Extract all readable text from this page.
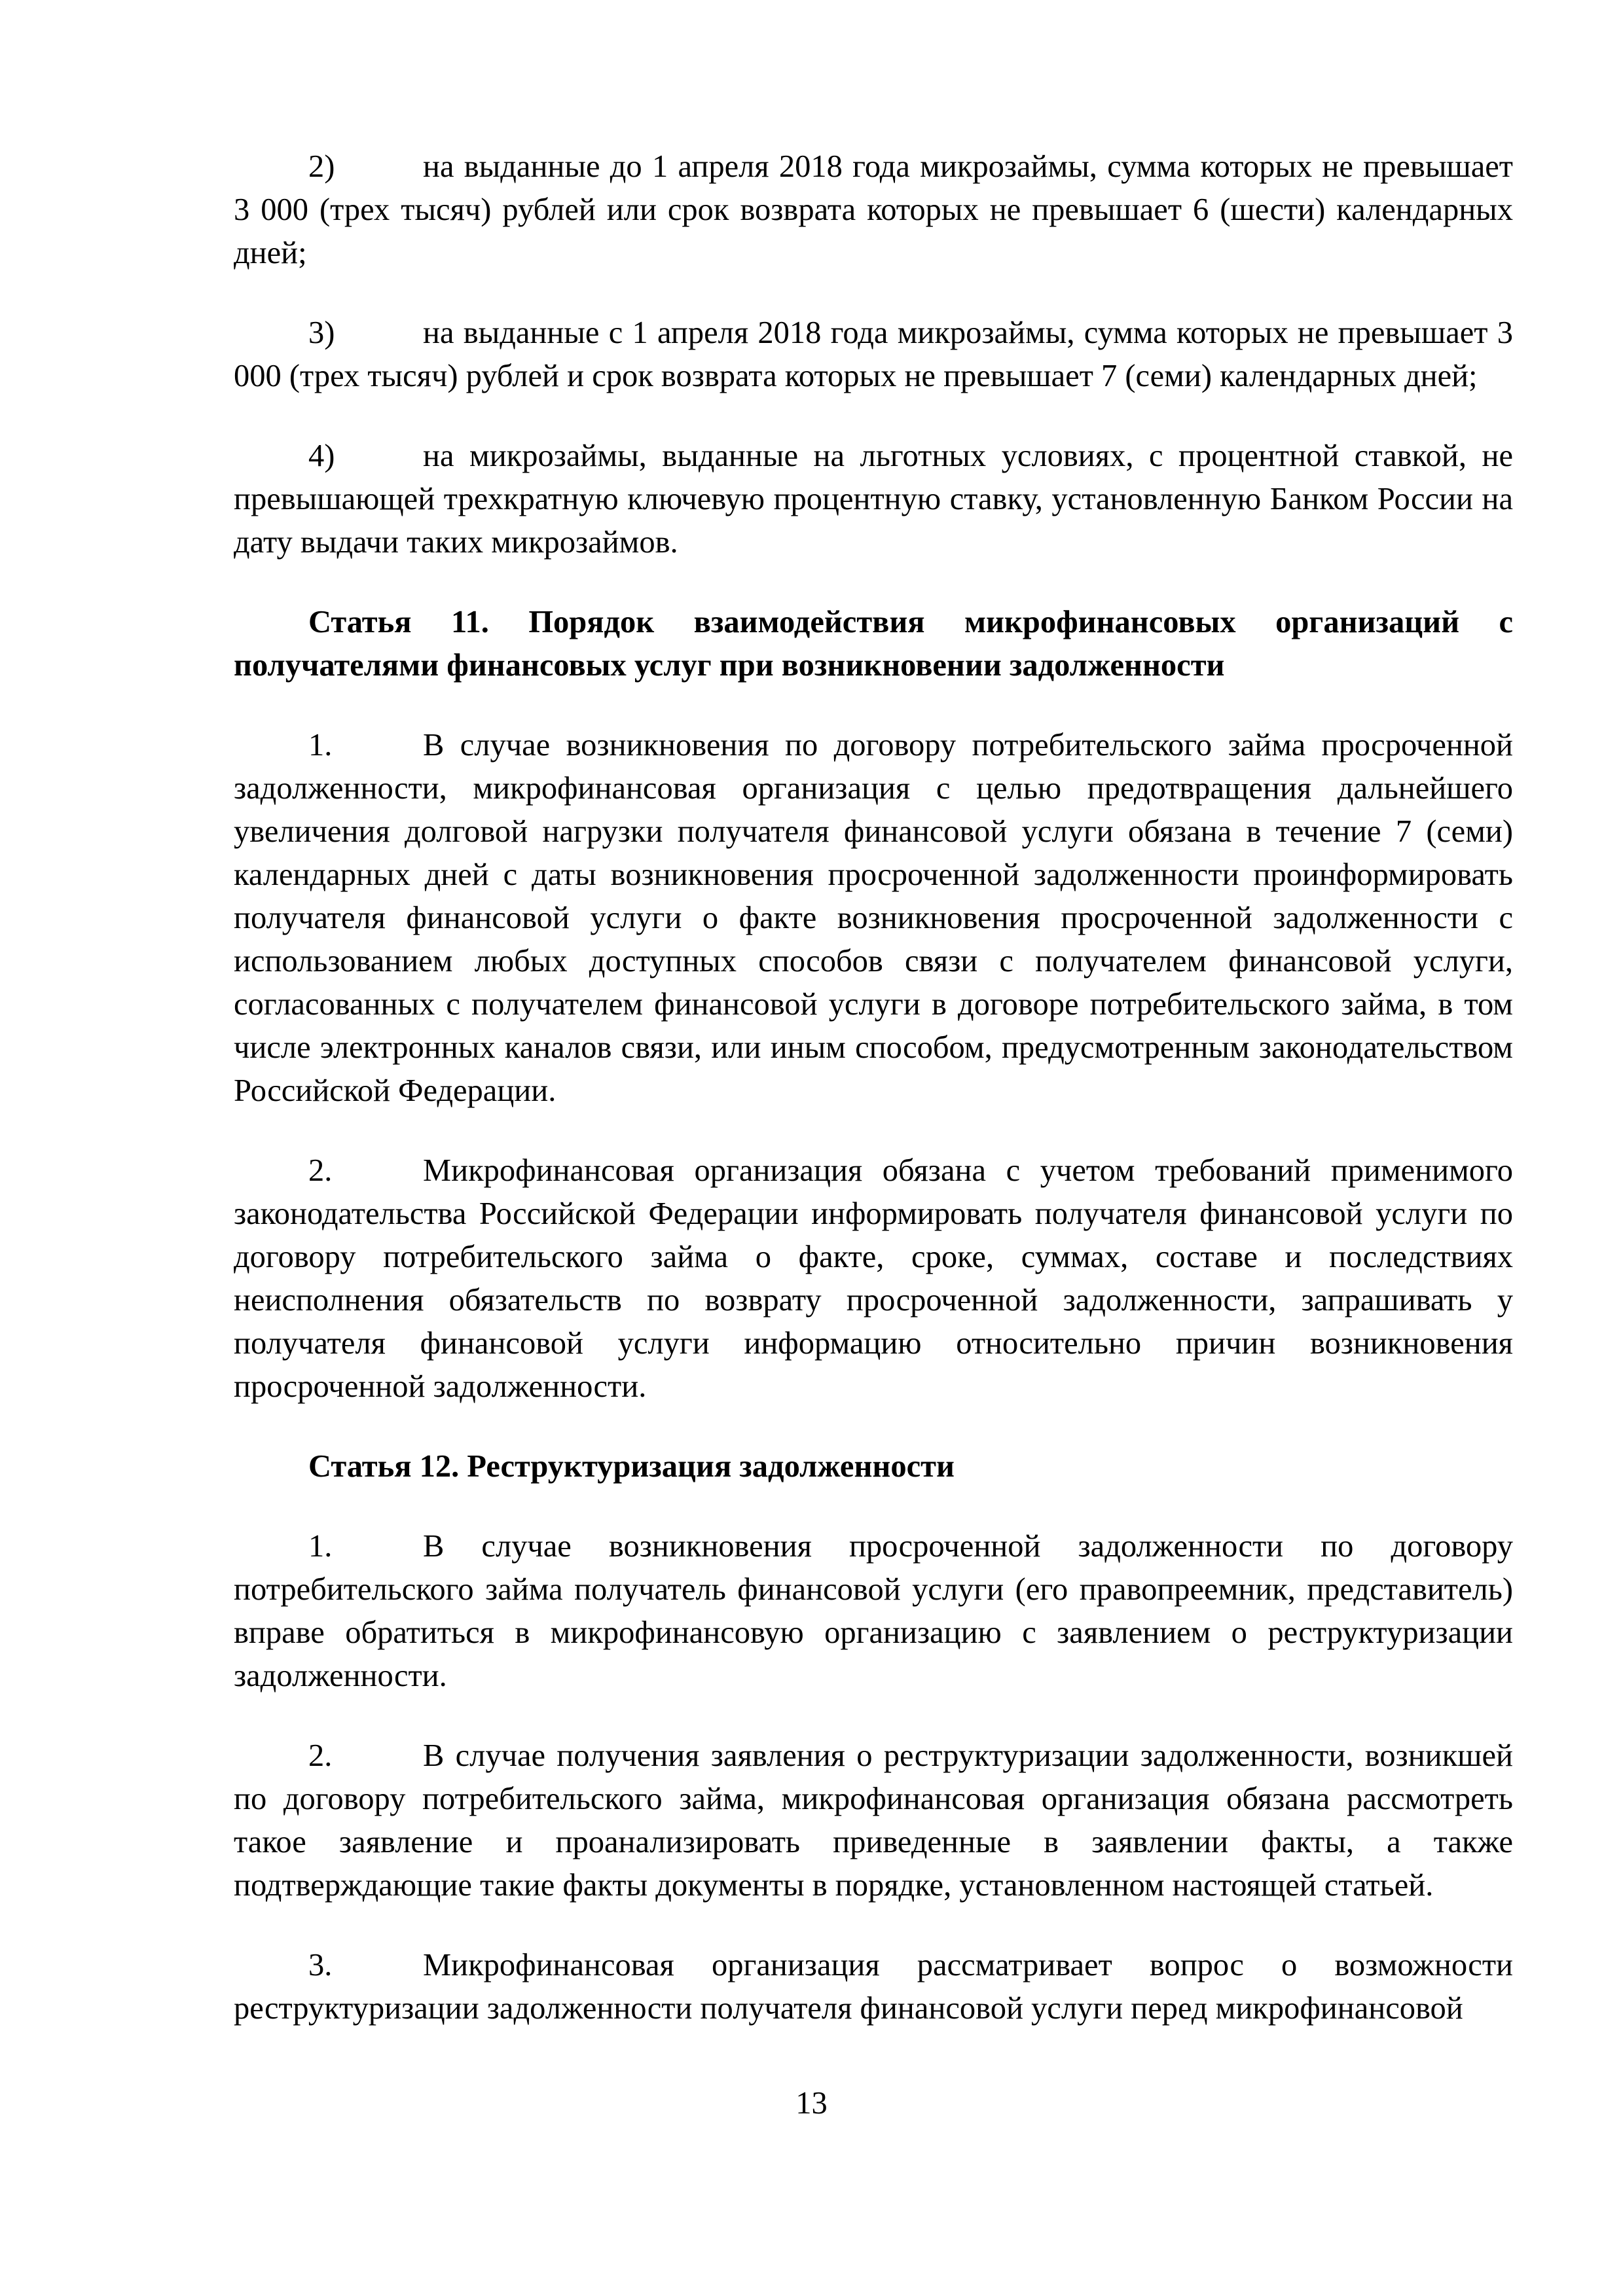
2)	на выданные до 1 апреля 2018 года микрозаймы, сумма которых не превышает 3 000 (трех тысяч) рублей или срок возврата которых не превышает 6 (шести) календарных дней;

3)	на выданные с 1 апреля 2018 года микрозаймы, сумма которых не превышает 3 000 (трех тысяч) рублей и срок возврата которых не превышает 7 (семи) календарных дней;

4)	на микрозаймы, выданные на льготных условиях, с процентной ставкой, не превышающей трехкратную ключевую процентную ставку, установленную Банком России на дату выдачи таких микрозаймов.

Статья 11. Порядок взаимодействия микрофинансовых организаций с получателями финансовых услуг при возникновении задолженности

1.	В случае возникновения по договору потребительского займа просроченной задолженности, микрофинансовая организация с целью предотвращения дальнейшего увеличения долговой нагрузки получателя финансовой услуги обязана в течение 7 (семи) календарных дней с даты возникновения просроченной задолженности проинформировать получателя финансовой услуги о факте возникновения просроченной задолженности с использованием любых доступных способов связи с получателем финансовой услуги, согласованных с получателем финансовой услуги в договоре потребительского займа, в том числе электронных каналов связи, или иным способом, предусмотренным законодательством Российской Федерации.

2.	Микрофинансовая организация обязана с учетом требований применимого законодательства Российской Федерации информировать получателя финансовой услуги по договору потребительского займа о факте, сроке, суммах, составе и последствиях неисполнения обязательств по возврату просроченной задолженности, запрашивать у получателя финансовой услуги информацию относительно причин возникновения просроченной задолженности.

Статья 12. Реструктуризация задолженности

1.	В случае возникновения просроченной задолженности по договору потребительского займа получатель финансовой услуги (его правопреемник, представитель) вправе обратиться в микрофинансовую организацию с заявлением о реструктуризации задолженности.

2.	В случае получения заявления о реструктуризации задолженности, возникшей по договору потребительского займа, микрофинансовая организация обязана рассмотреть такое заявление и проанализировать приведенные в заявлении факты, а также подтверждающие такие факты документы в порядке, установленном настоящей статьей.

3.	Микрофинансовая организация рассматривает вопрос о возможности реструктуризации задолженности получателя финансовой услуги перед микрофинансовой

13
